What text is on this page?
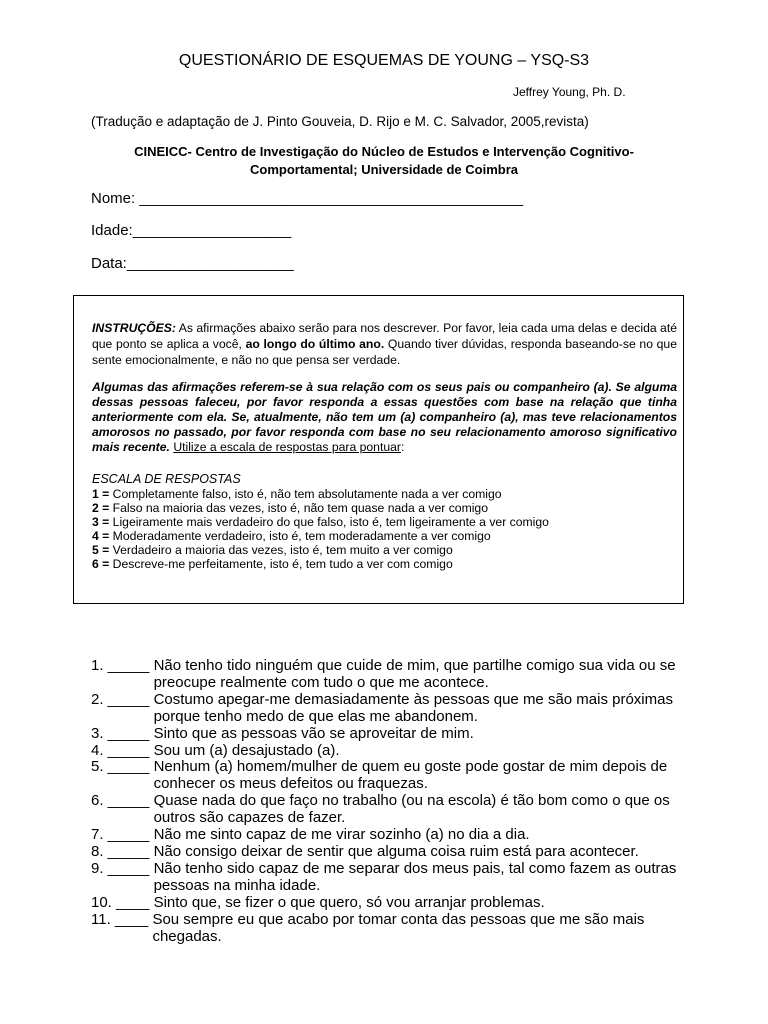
QUESTIONÁRIO DE ESQUEMAS DE YOUNG – YSQ-S3
Jeffrey Young, Ph. D.
(Tradução e adaptação de J. Pinto Gouveia, D. Rijo e M. C. Salvador, 2005,revista)
CINEICC- Centro de Investigação do Núcleo de Estudos e Intervenção Cognitivo-
Comportamental; Universidade de Coimbra
Nome: ______________________________________________
Idade:___________________
Data:____________________
INSTRUÇÕES: As afirmações abaixo serão para nos descrever. Por favor, leia cada uma delas e decida até que ponto se aplica a você, ao longo do último ano. Quando tiver dúvidas, responda baseando-se no que sente emocionalmente, e não no que pensa ser verdade.
Algumas das afirmações referem-se à sua relação com os seus pais ou companheiro (a). Se alguma dessas pessoas faleceu, por favor responda a essas questões com base na relação que tinha anteriormente com ela. Se, atualmente, não tem um (a) companheiro (a), mas teve relacionamentos amorosos no passado, por favor responda com base no seu relacionamento amoroso significativo mais recente. Utilize a escala de respostas para pontuar:
ESCALA DE RESPOSTAS
1 = Completamente falso, isto é, não tem absolutamente nada a ver comigo
2 = Falso na maioria das vezes, isto é, não tem quase nada a ver comigo
3 = Ligeiramente mais verdadeiro do que falso, isto é, tem ligeiramente a ver comigo
4 = Moderadamente verdadeiro, isto é, tem moderadamente a ver comigo
5 = Verdadeiro a maioria das vezes, isto é, tem muito a ver comigo
6 = Descreve-me perfeitamente, isto é, tem tudo a ver com comigo
1. _____ Não tenho tido ninguém que cuide de mim, que partilhe comigo sua vida ou se preocupe realmente com tudo o que me acontece.
2. _____ Costumo apegar-me demasiadamente às pessoas que me são mais próximas porque tenho medo de que elas me abandonem.
3. _____ Sinto que as pessoas vão se aproveitar de mim.
4. _____ Sou um (a) desajustado (a).
5. _____ Nenhum (a) homem/mulher de quem eu goste pode gostar de mim depois de conhecer os meus defeitos ou fraquezas.
6. _____ Quase nada do que faço no trabalho (ou na escola) é tão bom como o que os outros são capazes de fazer.
7. _____ Não me sinto capaz de me virar sozinho (a) no dia a dia.
8. _____ Não consigo deixar de sentir que alguma coisa ruim está para acontecer.
9. _____ Não tenho sido capaz de me separar dos meus pais, tal como fazem as outras pessoas na minha idade.
10. ____ Sinto que, se fizer o que quero, só vou arranjar problemas.
11. ____ Sou sempre eu que acabo por tomar conta das pessoas que me são mais chegadas.
